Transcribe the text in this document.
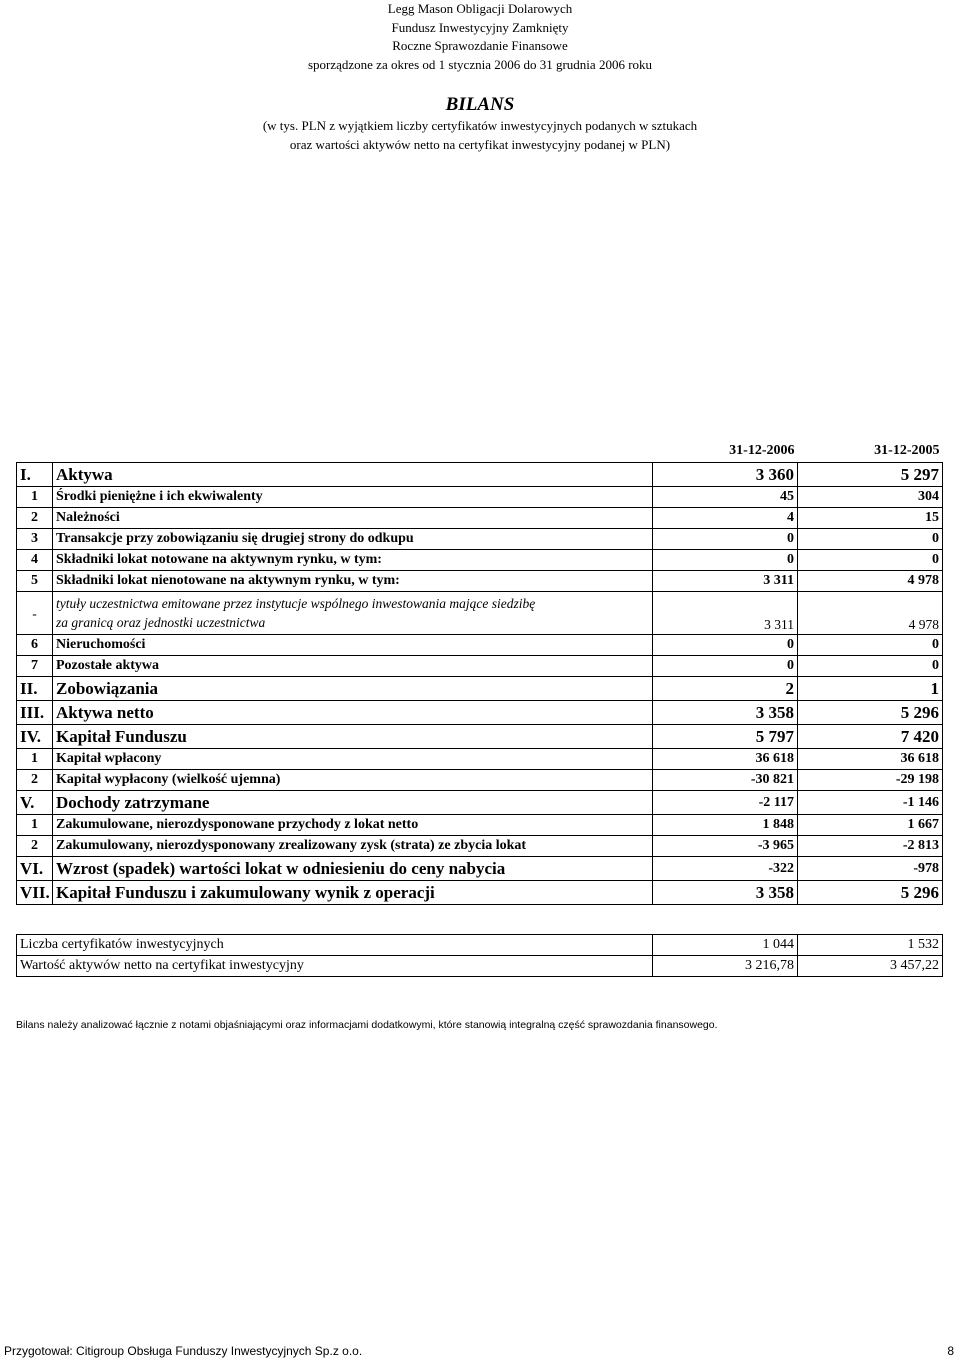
Legg Mason Obligacji Dolarowych
Fundusz Inwestycyjny Zamknięty
Roczne Sprawozdanie Finansowe
sporządzone za okres od 1 stycznia 2006 do 31 grudnia 2006 roku
BILANS
(w tys. PLN z wyjątkiem liczby certyfikatów inwestycyjnych podanych w sztukach
oraz wartości aktywów netto na certyfikat inwestycyjny podanej w PLN)
		31-12-2006	31-12-2005
I.	Aktywa	3 360	5 297
1	Środki pieniężne i ich ekwiwalenty	45	304
2	Należności	4	15
3	Transakcje przy zobowiązaniu się drugiej strony do odkupu	0	0
4	Składniki lokat notowane na aktywnym rynku, w tym:	0	0
5	Składniki lokat nienotowane na aktywnym rynku, w tym:	3 311	4 978
-	tytuły uczestnictwa emitowane przez instytucje wspólnego inwestowania mające siedzibę
za granicą oraz jednostki uczestnictwa	3 311	4 978
6	Nieruchomości	0	0
7	Pozostałe aktywa	0	0
II.	Zobowiązania	2	1
III.	Aktywa netto	3 358	5 296
IV.	Kapitał Funduszu	5 797	7 420
1	Kapitał wpłacony	36 618	36 618
2	Kapitał wypłacony (wielkość ujemna)	-30 821	-29 198
V.	Dochody zatrzymane	-2 117	-1 146
1	Zakumulowane, nierozdysponowane przychody z lokat netto	1 848	1 667
2	Zakumulowany, nierozdysponowany zrealizowany zysk (strata) ze zbycia lokat	-3 965	-2 813
VI.	Wzrost (spadek) wartości lokat w odniesieniu do ceny nabycia	-322	-978
VII.	Kapitał Funduszu i zakumulowany wynik z operacji	3 358	5 296
Liczba certyfikatów inwestycyjnych	1 044	1 532
Wartość aktywów netto na certyfikat inwestycyjny	3 216,78	3 457,22
Bilans należy analizować łącznie z notami objaśniającymi oraz informacjami dodatkowymi, które stanowią integralną część sprawozdania finansowego.
Przygotował: Citigroup Obsługa Funduszy Inwestycyjnych Sp.z o.o.	8
